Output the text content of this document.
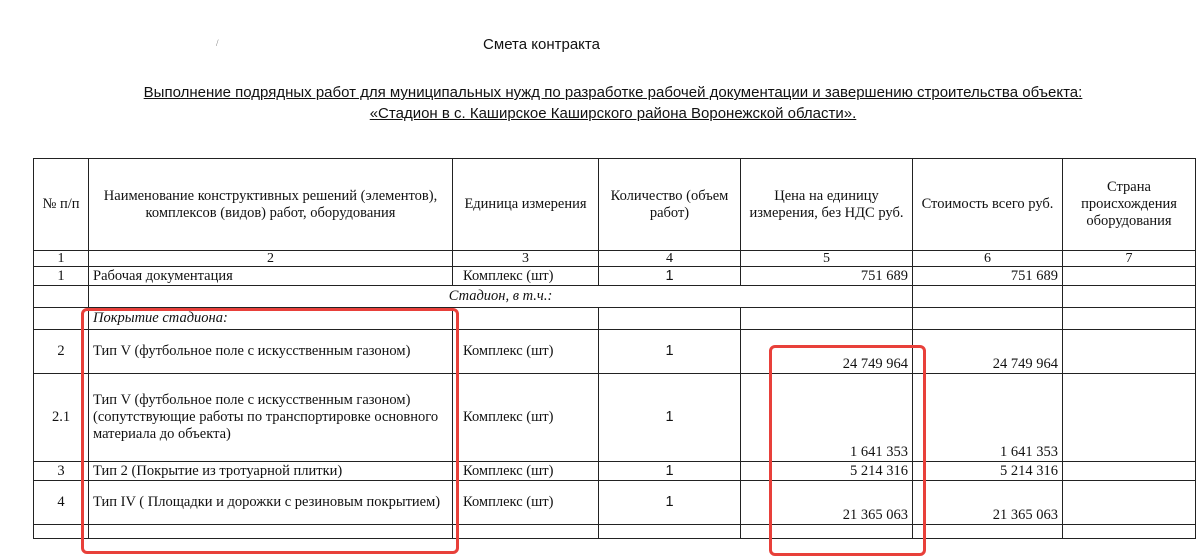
/	Смета контракта
Выполнение подрядных работ для муниципальных нужд по разработке рабочей документации и завершению строительства объекта:
«Стадион в с. Каширское Каширского района Воронежской области».
№ п/п	Наименование конструктивных решений (элементов), комплексов (видов) работ, оборудования	Единица измерения	Количество (объем работ)	Цена на единицу измерения, без НДС руб.	Стоимость всего руб.	Страна происхождения оборудования
1	2	3	4	5	6	7
1	Рабочая документация	Комплекс (шт)	1	751 689	751 689	
	Стадион, в т.ч.:					
	Покрытие стадиона:					
2	Тип V (футбольное поле с искусственным газоном)	Комплекс (шт)	1	24 749 964	24 749 964	
2.1	Тип V (футбольное поле с искусственным газоном) (сопутствующие работы по транспортировке основного материала до объекта)	Комплекс (шт)	1	1 641 353	1 641 353	
3	Тип 2 (Покрытие из тротуарной плитки)	Комплекс (шт)	1	5 214 316	5 214 316	
4	Тип IV ( Площадки и дорожки с резиновым покрытием)	Комплекс (шт)	1	21 365 063	21 365 063	
